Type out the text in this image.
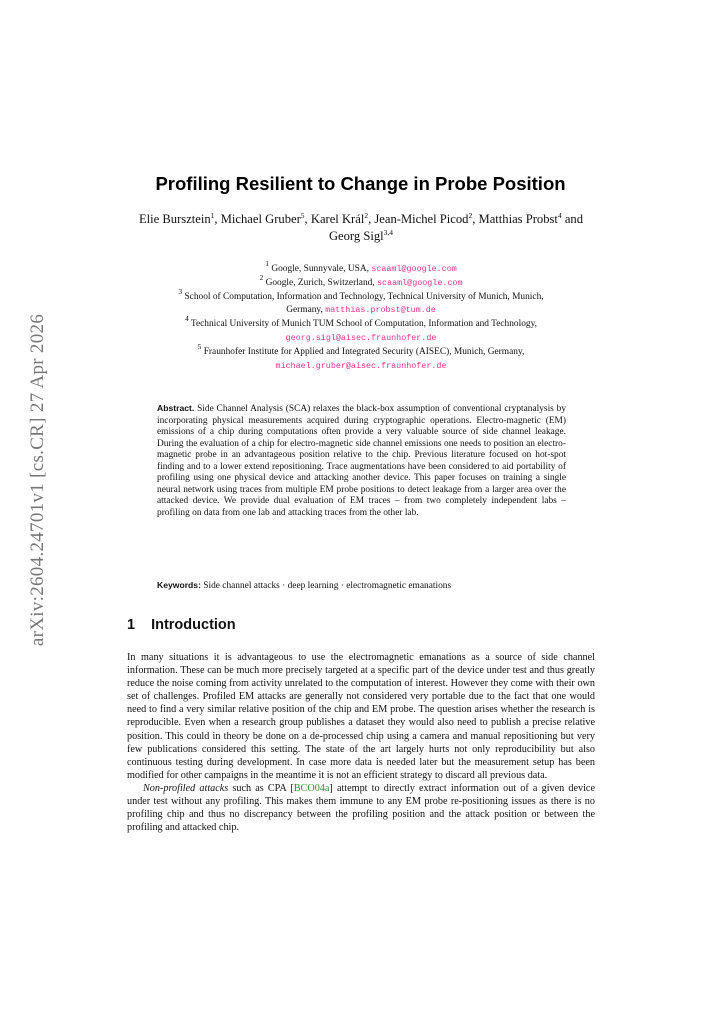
arXiv:2604.24701v1 [cs.CR] 27 Apr 2026
Profiling Resilient to Change in Probe Position
Elie Bursztein$^1$, Michael Gruber$^5$, Karel Král$^2$, Jean-Michel Picod$^2$, Matthias Probst$^4$ and Georg Sigl$^{3,4}$
$^1$ Google, Sunnyvale, USA, scaaml@google.com
$^2$ Google, Zurich, Switzerland, scaaml@google.com
$^3$ School of Computation, Information and Technology, Technical University of Munich, Munich,
Germany, matthias.probst@tum.de
$^4$ Technical University of Munich TUM School of Computation, Information and Technology,
georg.sigl@aisec.fraunhofer.de
$^5$ Fraunhofer Institute for Applied and Integrated Security (AISEC), Munich, Germany,
michael.gruber@aisec.fraunhofer.de
Abstract. Side Channel Analysis (SCA) relaxes the black-box assumption of conventional cryptanalysis by incorporating physical measurements acquired during cryptographic operations. Electro-magnetic (EM) emissions of a chip during computations often provide a very valuable source of side channel leakage. During the evaluation of a chip for electro-magnetic side channel emissions one needs to position an electro-magnetic probe in an advantageous position relative to the chip. Previous literature focused on hot-spot finding and to a lower extend repositioning. Trace augmentations have been considered to aid portability of profiling using one physical device and attacking another device. This paper focuses on training a single neural network using traces from multiple EM probe positions to detect leakage from a larger area over the attacked device. We provide dual evaluation of EM traces – from two completely independent labs – profiling on data from one lab and attacking traces from the other lab.
Keywords: Side channel attacks · deep learning · electromagnetic emanations
1 Introduction

In many situations it is advantageous to use the electromagnetic emanations as a source of side channel information. These can be much more precisely targeted at a specific part of the device under test and thus greatly reduce the noise coming from activity unrelated to the computation of interest. However they come with their own set of challenges. Profiled EM attacks are generally not considered very portable due to the fact that one would need to find a very similar relative position of the chip and EM probe. The question arises whether the research is reproducible. Even when a research group publishes a dataset they would also need to publish a precise relative position. This could in theory be done on a de-processed chip using a camera and manual repositioning but very few publications considered this setting. The state of the art largely hurts not only reproducibility but also continuous testing during development. In case more data is needed later but the measurement setup has been modified for other campaigns in the meantime it is not an efficient strategy to discard all previous data.

Non-profiled attacks such as CPA [BCO04a] attempt to directly extract information out of a given device under test without any profiling. This makes them immune to any EM probe re-positioning issues as there is no profiling chip and thus no discrepancy between the profiling position and the attack position or between the profiling and attacked chip.
